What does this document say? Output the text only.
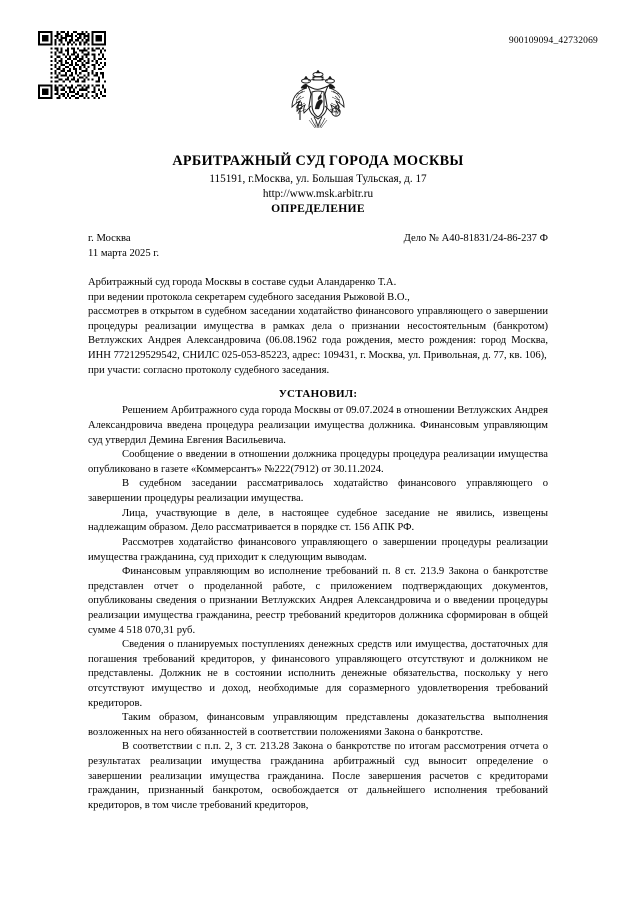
900109094_42732069
АРБИТРАЖНЫЙ СУД ГОРОДА МОСКВЫ
115191, г.Москва, ул. Большая Тульская, д. 17
http://www.msk.arbitr.ru
ОПРЕДЕЛЕНИЕ
г. Москва	Дело № А40-81831/24-86-237 Ф
11 марта 2025 г.

Арбитражный суд города Москвы в составе судьи Аландаренко Т.А.

при ведении протокола секретарем судебного заседания Рыжовой В.О.,

рассмотрев в открытом в судебном заседании ходатайство финансового управляющего о завершении процедуры реализации имущества в рамках дела о признании несостоятельным (банкротом) Ветлужских Андрея Александровича (06.08.1962 года рождения, место рождения: город Москва, ИНН 772129529542, СНИЛС 025-053-85223, адрес: 109431, г. Москва, ул. Привольная, д. 77, кв. 106),

при участи: согласно протоколу судебного заседания.

УСТАНОВИЛ:

Решением Арбитражного суда города Москвы от 09.07.2024 в отношении Ветлужских Андрея Александровича введена процедура реализации имущества должника. Финансовым управляющим суд утвердил Демина Евгения Васильевича.

Сообщение о введении в отношении должника процедуры процедура реализации имущества опубликовано в газете «Коммерсантъ» №222(7912) от 30.11.2024.

В судебном заседании рассматривалось ходатайство финансового управляющего о завершении процедуры реализации имущества.

Лица, участвующие в деле, в настоящее судебное заседание не явились, извещены надлежащим образом. Дело рассматривается в порядке ст. 156 АПК РФ.

Рассмотрев ходатайство финансового управляющего о завершении процедуры реализации имущества гражданина, суд приходит к следующим выводам.

Финансовым управляющим во исполнение требований п. 8 ст. 213.9 Закона о банкротстве представлен отчет о проделанной работе, с приложением подтверждающих документов, опубликованы сведения о признании Ветлужских Андрея Александровича и о введении процедуры реализации имущества гражданина, реестр требований кредиторов должника сформирован в общей сумме 4 518 070,31 руб.

Сведения о планируемых поступлениях денежных средств или имущества, достаточных для погашения требований кредиторов, у финансового управляющего отсутствуют и должником не представлены. Должник не в состоянии исполнить денежные обязательства, поскольку у него отсутствуют имущество и доход, необходимые для соразмерного удовлетворения требований кредиторов.

Таким образом, финансовым управляющим представлены доказательства выполнения возложенных на него обязанностей в соответствии положениями Закона о банкротстве.

В соответствии с п.п. 2, 3 ст. 213.28 Закона о банкротстве по итогам рассмотрения отчета о результатах реализации имущества гражданина арбитражный суд выносит определение о завершении реализации имущества гражданина. После завершения расчетов с кредиторами гражданин, признанный банкротом, освобождается от дальнейшего исполнения требований кредиторов, в том числе требований кредиторов,
